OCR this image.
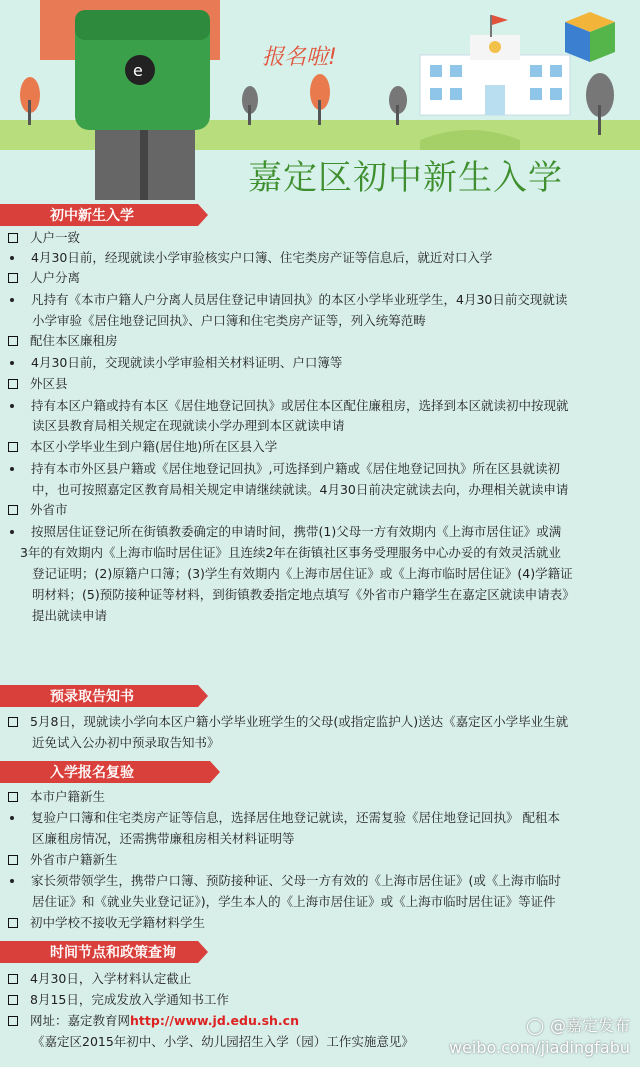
e
报名啦!
嘉定区初中新生入学
初中新生入学
人户一致
4月30日前，经现就读小学审验核实户口簿、住宅类房产证等信息后，就近对口入学
人户分离
凡持有《本市户籍人户分离人员居住登记申请回执》的本区小学毕业班学生，4月30日前交现就读
小学审验《居住地登记回执》、户口簿和住宅类房产证等，列入统筹范畴
配住本区廉租房
4月30日前，交现就读小学审验相关材料证明、户口簿等
外区县
持有本区户籍或持有本区《居住地登记回执》或居住本区配住廉租房，选择到本区就读初中按现就
读区县教育局相关规定在现就读小学办理到本区就读申请
本区小学毕业生到户籍(居住地)所在区县入学
持有本市外区县户籍或《居住地登记回执》,可选择到户籍或《居住地登记回执》所在区县就读初
中，也可按照嘉定区教育局相关规定申请继续就读。4月30日前决定就读去向，办理相关就读申请
外省市
按照居住证登记所在街镇教委确定的申请时间，携带(1)父母一方有效期内《上海市居住证》或满
3年的有效期内《上海市临时居住证》且连续2年在街镇社区事务受理服务中心办妥的有效灵活就业
登记证明；(2)原籍户口簿；(3)学生有效期内《上海市居住证》或《上海市临时居住证》(4)学籍证
明材料；(5)预防接种证等材料，到街镇教委指定地点填写《外省市户籍学生在嘉定区就读申请表》
提出就读申请
预录取告知书
5月8日，现就读小学向本区户籍小学毕业班学生的父母(或指定监护人)送达《嘉定区小学毕业生就
近免试入公办初中预录取告知书》
入学报名复验
本市户籍新生
复验户口簿和住宅类房产证等信息，选择居住地登记就读，还需复验《居住地登记回执》 配租本
区廉租房情况，还需携带廉租房相关材料证明等
外省市户籍新生
家长须带领学生，携带户口簿、预防接种证、父母一方有效的《上海市居住证》(或《上海市临时
居住证》和《就业失业登记证》)，学生本人的《上海市居住证》或《上海市临时居住证》等证件
初中学校不接收无学籍材料学生
时间节点和政策查询
4月30日，入学材料认定截止
8月15日，完成发放入学通知书工作
网址：嘉定教育网http://www.jd.edu.sh.cn
《嘉定区2015年初中、小学、幼儿园招生入学（园）工作实施意见》
◯ @嘉定发布
weibo.com/jiadingfabu
